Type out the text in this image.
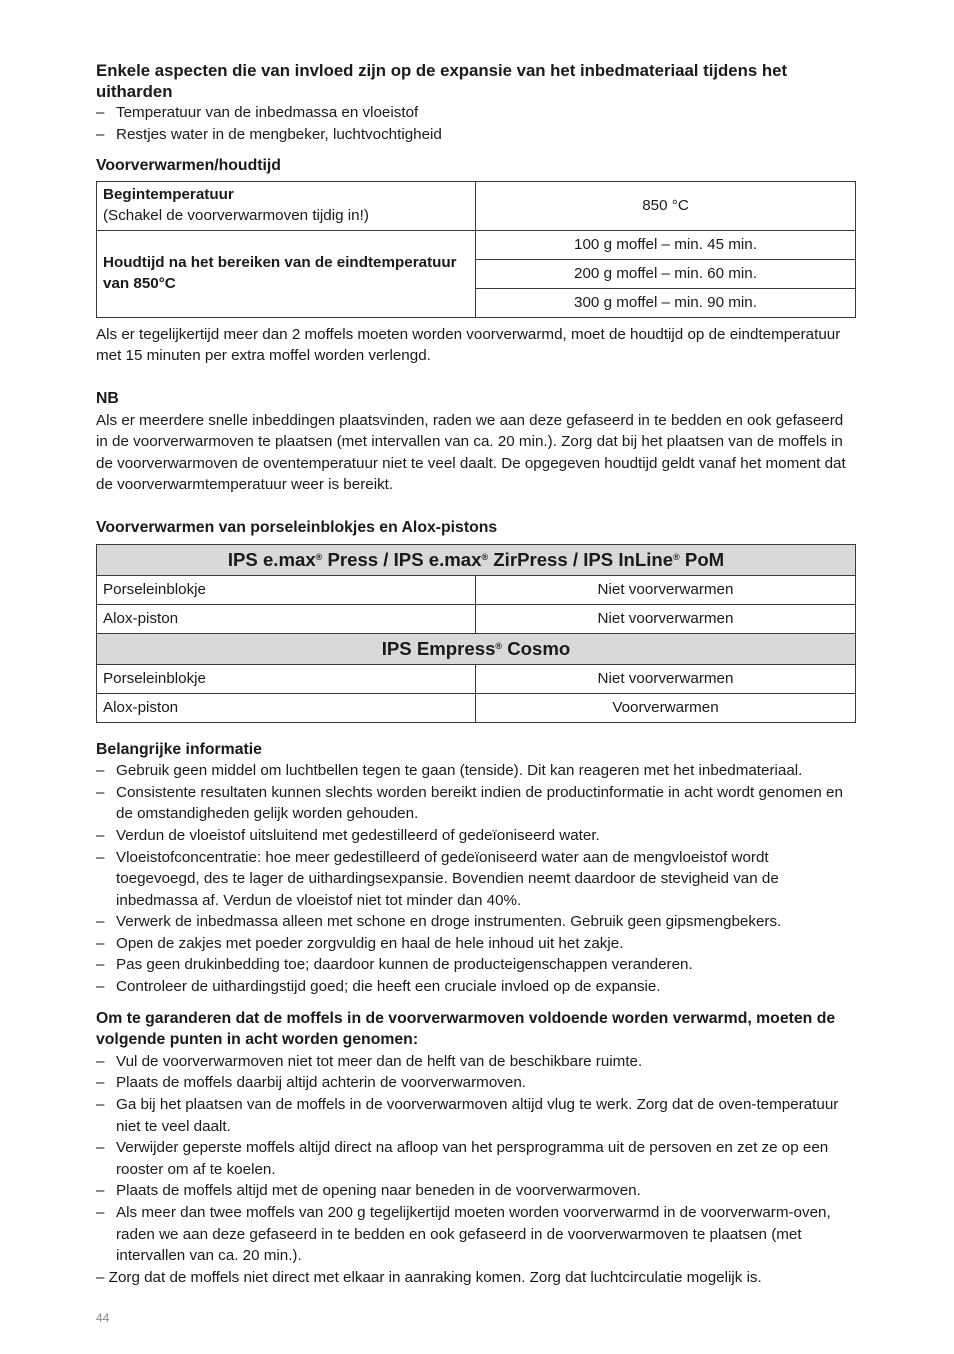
Enkele aspecten die van invloed zijn op de expansie van het inbedmateriaal tijdens het uitharden
– Temperatuur van de inbedmassa en vloeistof
– Restjes water in de mengbeker, luchtvochtigheid
Voorverwarmen/houdtijd
Begintemperatuur
(Schakel de voorverwarmoven tijdig in!)	850 °C
Houdtijd na het bereiken van de eindtemperatuur van 850°C	100 g moffel – min. 45 min.
	200 g moffel – min. 60 min.
	300 g moffel – min. 90 min.
Als er tegelijkertijd meer dan 2 moffels moeten worden voorverwarmd, moet de houdtijd op de eindtemperatuur met 15 minuten per extra moffel worden verlengd.
NB
Als er meerdere snelle inbeddingen plaatsvinden, raden we aan deze gefaseerd in te bedden en ook gefaseerd in de voorverwarmoven te plaatsen (met intervallen van ca. 20 min.). Zorg dat bij het plaatsen van de moffels in de voorverwarmoven de oventemperatuur niet te veel daalt. De opgegeven houdtijd geldt vanaf het moment dat de voorverwarmtemperatuur weer is bereikt.
Voorverwarmen van porseleinblokjes en Alox-pistons
IPS e.max® Press / IPS e.max® ZirPress / IPS InLine® PoM	
Porseleinblokje	Niet voorverwarmen
Alox-piston	Niet voorverwarmen
IPS Empress® Cosmo	
Porseleinblokje	Niet voorverwarmen
Alox-piston	Voorverwarmen
Belangrijke informatie
– Gebruik geen middel om luchtbellen tegen te gaan (tenside). Dit kan reageren met het inbedmateriaal.
– Consistente resultaten kunnen slechts worden bereikt indien de productinformatie in acht wordt genomen en de omstandigheden gelijk worden gehouden.
– Verdun de vloeistof uitsluitend met gedestilleerd of gedeïoniseerd water.
– Vloeistofconcentratie: hoe meer gedestilleerd of gedeïoniseerd water aan de mengvloeistof wordt toegevoegd, des te lager de uithardingsexpansie. Bovendien neemt daardoor de stevigheid van de inbedmassa af. Verdun de vloeistof niet tot minder dan 40%.
– Verwerk de inbedmassa alleen met schone en droge instrumenten. Gebruik geen gipsmengbekers.
– Open de zakjes met poeder zorgvuldig en haal de hele inhoud uit het zakje.
– Pas geen drukinbedding toe; daardoor kunnen de producteigenschappen veranderen.
– Controleer de uithardingstijd goed; die heeft een cruciale invloed op de expansie.
Om te garanderen dat de moffels in de voorverwarmoven voldoende worden verwarmd, moeten de volgende punten in acht worden genomen:
– Vul de voorverwarmoven niet tot meer dan de helft van de beschikbare ruimte.
– Plaats de moffels daarbij altijd achterin de voorverwarmoven.
– Ga bij het plaatsen van de moffels in de voorverwarmoven altijd vlug te werk. Zorg dat de oven-temperatuur niet te veel daalt.
– Verwijder geperste moffels altijd direct na afloop van het persprogramma uit de persoven en zet ze op een rooster om af te koelen.
– Plaats de moffels altijd met de opening naar beneden in de voorverwarmoven.
– Als meer dan twee moffels van 200 g tegelijkertijd moeten worden voorverwarmd in de voorverwarm-oven, raden we aan deze gefaseerd in te bedden en ook gefaseerd in de voorverwarmoven te plaatsen (met intervallen van ca. 20 min.).
– Zorg dat de moffels niet direct met elkaar in aanraking komen. Zorg dat luchtcirculatie mogelijk is.
44
